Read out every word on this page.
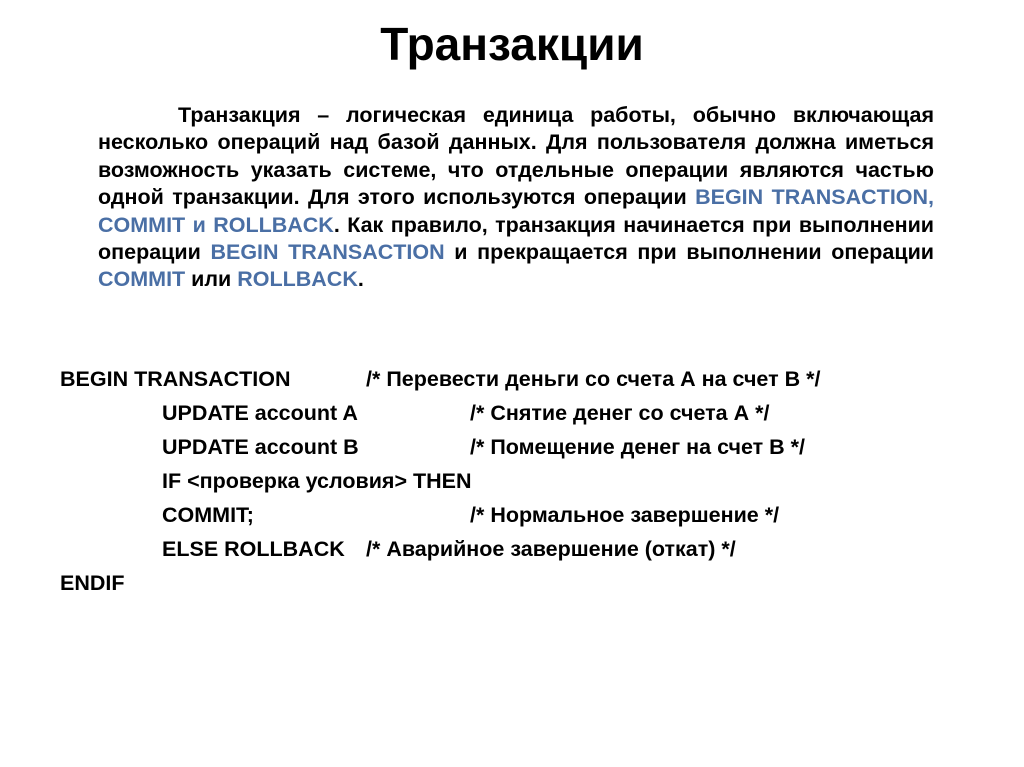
Транзакции
Транзакция – логическая единица работы, обычно включающая несколько операций над базой данных. Для пользователя должна иметься возможность указать системе, что отдельные операции являются частью одной транзакции. Для этого используются операции BEGIN TRANSACTION, COMMIT и ROLLBACK. Как правило, транзакция начинается при выполнении операции BEGIN TRANSACTION и прекращается при выполнении операции COMMIT или ROLLBACK.
BEGIN TRANSACTION	/* Перевести деньги со счета А на счет В */
UPDATE account A	/* Снятие денег со счета А */
UPDATE account B	/* Помещение денег на счет В */
IF <проверка условия> THEN
COMMIT;	/* Нормальное завершение */
ELSE ROLLBACK /* Аварийное завершение (откат) */
ENDIF
